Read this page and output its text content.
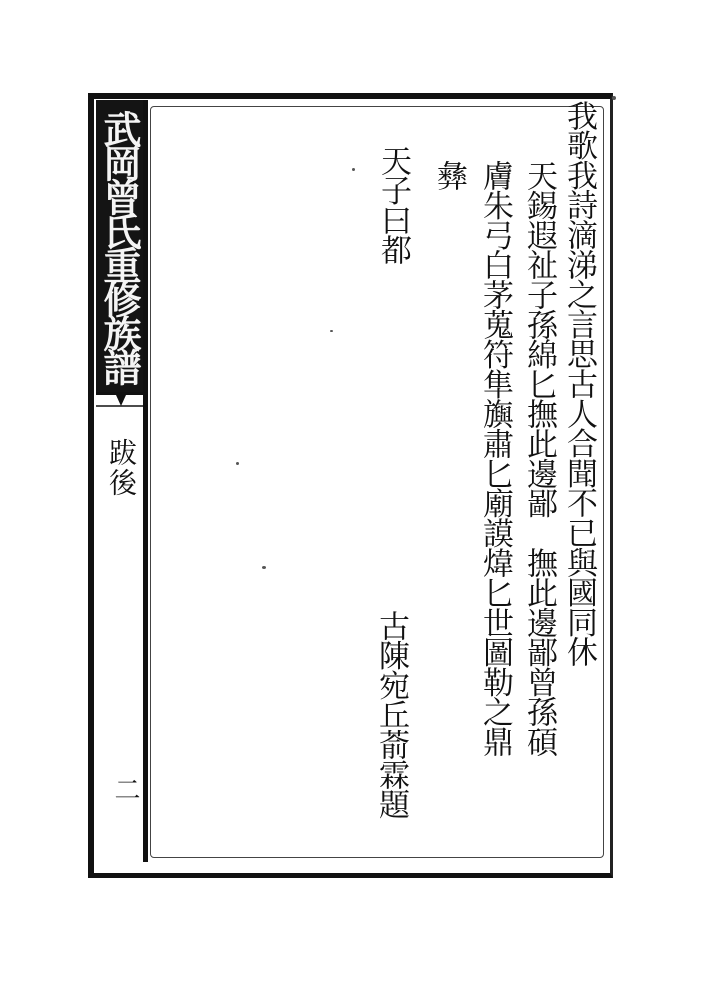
武岡曾氏重修族譜
跋後
二
我歌我詩滴涕之言思古人合聞不已與國同休
天錫遐祉子孫綿匕撫此邊鄙　撫此邊鄙曾孫碩
膚朱弓白茅蒐符隼旟肅匕廟謨煒匕世圖勒之鼎
彝
天子曰都
古陳宛丘萮霖題
